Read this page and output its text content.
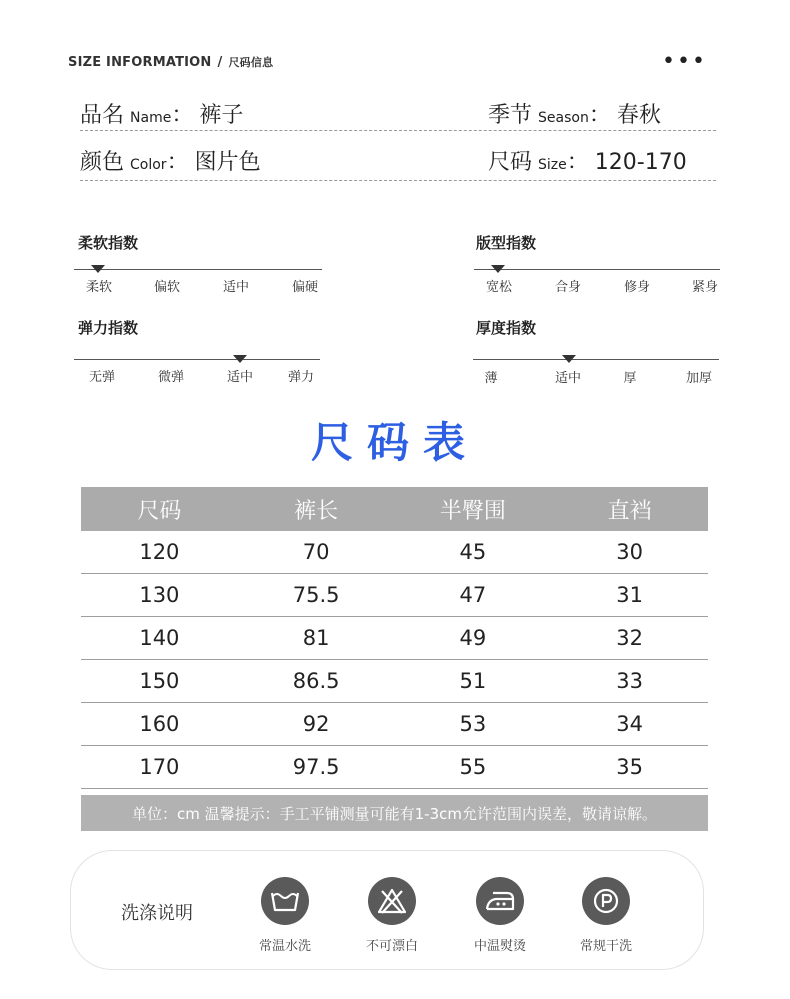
SIZE INFORMATION / 尺码信息	•••
品名 Name： 裤子	季节 Season： 春秋
颜色 Color： 图片色	尺码 Size： 120-170
柔软指数
柔软	偏软	适中	偏硬
版型指数
宽松	合身	修身	紧身
弹力指数
无弹	微弹	适中	弹力
厚度指数
薄	适中	厚	加厚
尺码表
尺码	裤长	半臀围	直裆
120	70	45	30
130	75.5	47	31
140	81	49	32
150	86.5	51	33
160	92	53	34
170	97.5	55	35
单位：cm 温馨提示：手工平铺测量可能有1-3cm允许范围内误差，敬请谅解。
洗涤说明
常温水洗	不可漂白	中温熨烫	常规干洗
